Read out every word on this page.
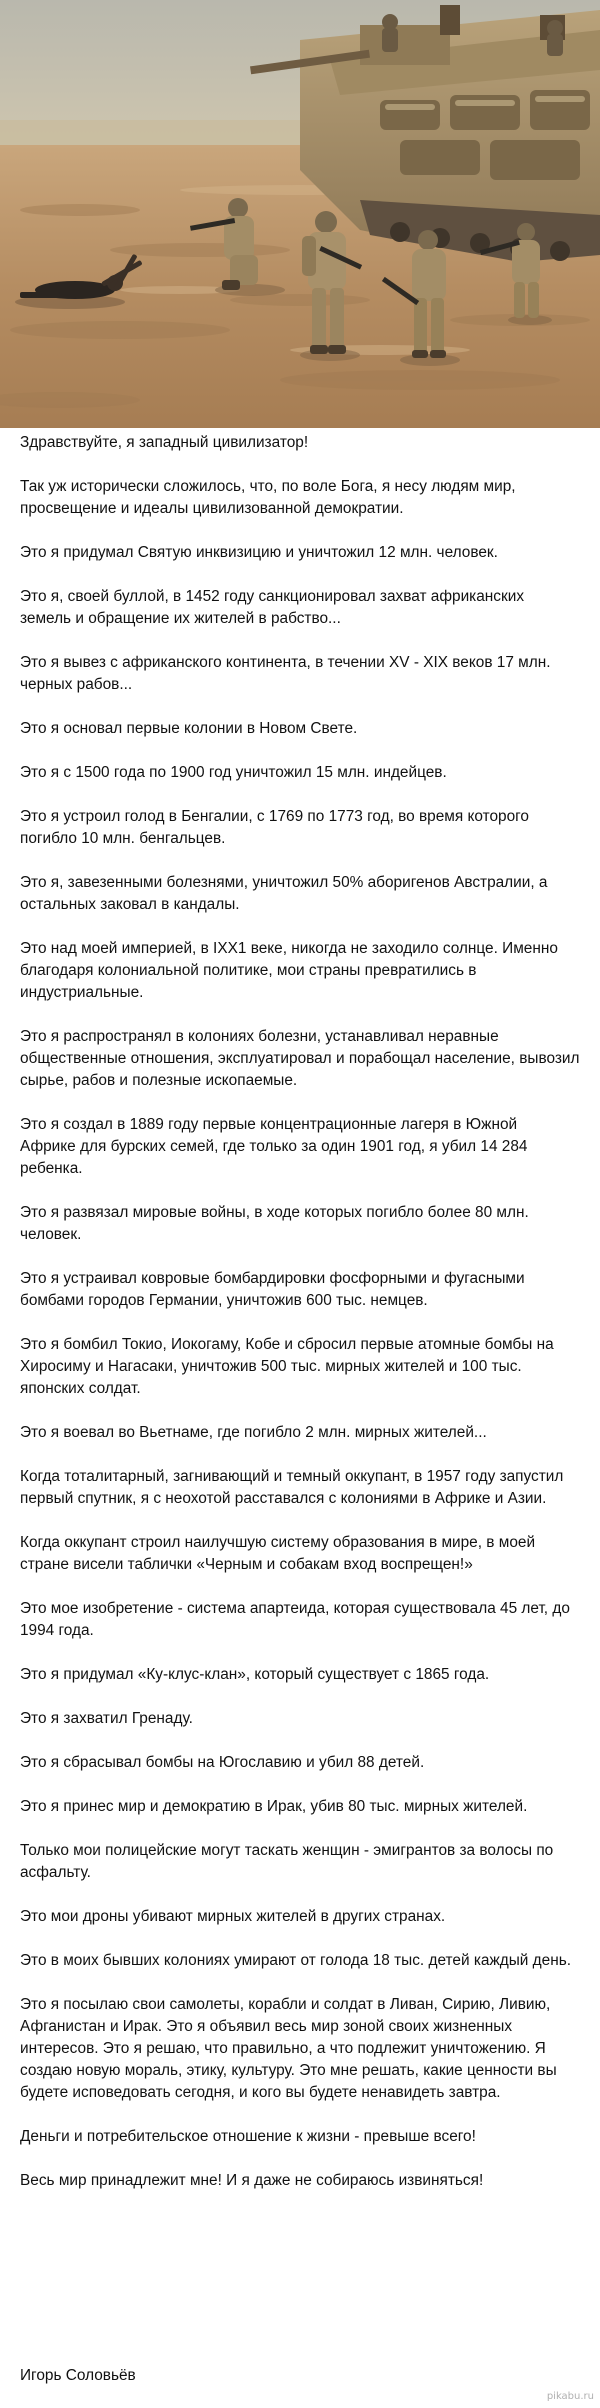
Здравствуйте, я западный цивилизатор!

Так уж исторически сложилось, что, по воле Бога, я несу людям мир,
просвещение и идеалы цивилизованной демократии.

Это я придумал Святую инквизицию и уничтожил 12 млн. человек.

Это я, своей буллой, в 1452 году санкционировал захват африканских
земель и обращение их жителей в рабство...

Это я вывез с африканского континента, в течении XV - XIX веков 17 млн.
черных рабов...

Это я основал первые колонии в Новом Свете.

Это я с 1500 года по 1900 год уничтожил 15 млн. индейцев.

Это я устроил голод в Бенгалии, с 1769 по 1773 год, во время которого
погибло 10 млн. бенгальцев.

Это я, завезенными болезнями, уничтожил 50% аборигенов Австралии, а
остальных заковал в кандалы.

Это над моей империей, в IXX1 веке, никогда не заходило солнце. Именно
благодаря колониальной политике, мои страны превратились в
индустриальные.

Это я распространял в колониях болезни, устанавливал неравные
общественные отношения, эксплуатировал и порабощал население, вывозил
сырье, рабов и полезные ископаемые.

Это я создал в 1889 году первые концентрационные лагеря в Южной
Африке для бурских семей, где только за один 1901 год, я убил 14 284
ребенка.

Это я развязал мировые войны, в ходе которых погибло более 80 млн.
человек.

Это я устраивал ковровые бомбардировки фосфорными и фугасными
бомбами городов Германии, уничтожив 600 тыс. немцев.

Это я бомбил Токио, Иокогаму, Кобе и сбросил первые атомные бомбы на
Хиросиму и Нагасаки, уничтожив 500 тыс. мирных жителей и 100 тыс.
японских солдат.

Это я воевал во Вьетнаме, где погибло 2 млн. мирных жителей...

Когда тоталитарный, загнивающий и темный оккупант, в 1957 году запустил
первый спутник, я с неохотой расставался с колониями в Африке и Азии.

Когда оккупант строил наилучшую систему образования в мире, в моей
стране висели таблички «Черным и собакам вход воспрещен!»

Это мое изобретение - система апартеида, которая существовала 45 лет, до
1994 года.

Это я придумал «Ку-клус-клан», который существует с 1865 года.

Это я захватил Гренаду.

Это я сбрасывал бомбы на Югославию и убил 88 детей.

Это я принес мир и демократию в Ирак, убив 80 тыс. мирных жителей.

Только мои полицейские могут таскать женщин - эмигрантов за волосы по
асфальту.

Это мои дроны убивают мирных жителей в других странах.

Это в моих бывших колониях умирают от голода 18 тыс. детей каждый день.

Это я посылаю свои самолеты, корабли и солдат в Ливан, Сирию, Ливию,
Афганистан и Ирак. Это я объявил весь мир зоной своих жизненных
интересов. Это я решаю, что правильно, а что подлежит уничтожению. Я
создаю новую мораль, этику, культуру. Это мне решать, какие ценности вы
будете исповедовать сегодня, и кого вы будете ненавидеть завтра.

Деньги и потребительское отношение к жизни - превыше всего!

Весь мир принадлежит мне! И я даже не собираюсь извиняться!

Игорь Соловьёв
pikabu.ru
